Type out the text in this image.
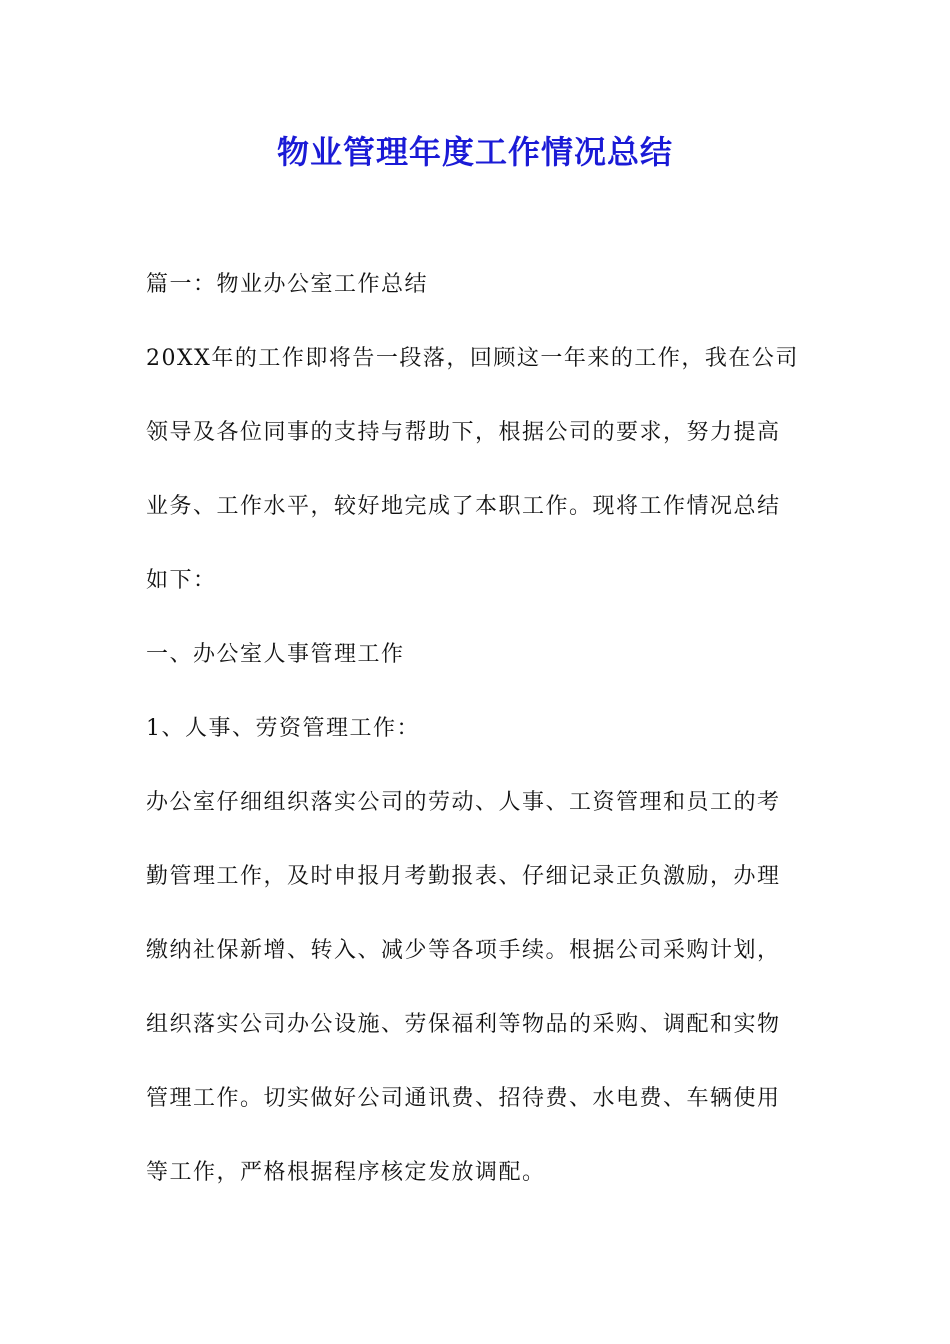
物业管理年度工作情况总结
篇一：物业办公室工作总结
20XX年的工作即将告一段落，回顾这一年来的工作，我在公司
领导及各位同事的支持与帮助下，根据公司的要求，努力提高
业务、工作水平，较好地完成了本职工作。现将工作情况总结
如下：
一、办公室人事管理工作
1、人事、劳资管理工作：
办公室仔细组织落实公司的劳动、人事、工资管理和员工的考
勤管理工作，及时申报月考勤报表、仔细记录正负激励，办理
缴纳社保新增、转入、减少等各项手续。根据公司采购计划，
组织落实公司办公设施、劳保福利等物品的采购、调配和实物
管理工作。切实做好公司通讯费、招待费、水电费、车辆使用
等工作，严格根据程序核定发放调配。
